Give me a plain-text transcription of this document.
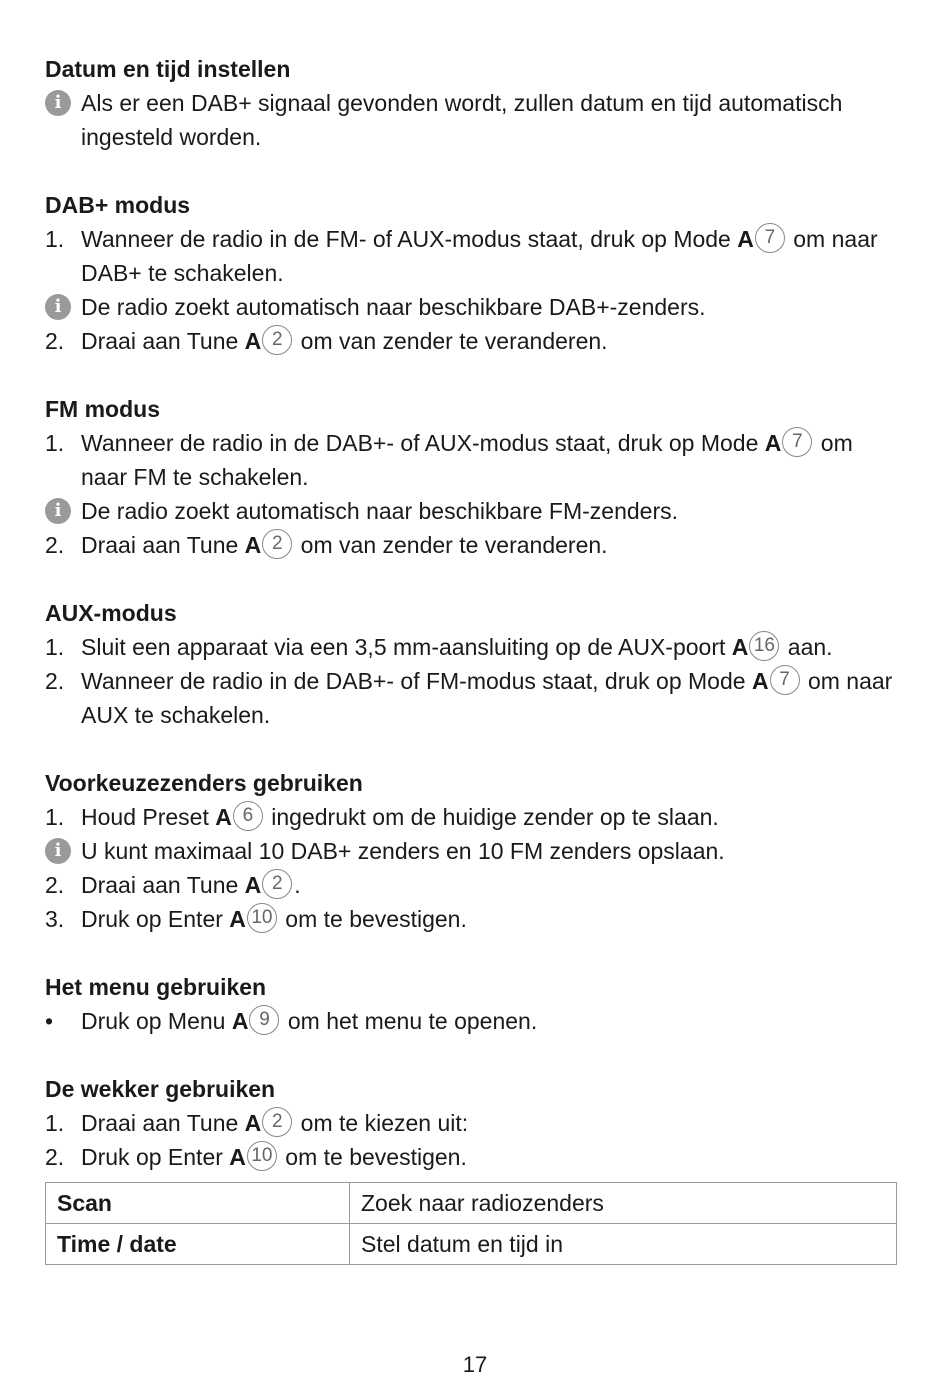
Datum en tijd instellen
i Als er een DAB+ signaal gevonden wordt, zullen datum en tijd automatisch ingesteld worden.
DAB+ modus
1. Wanneer de radio in de FM- of AUX-modus staat, druk op Mode A 7 om naar DAB+ te schakelen.
i De radio zoekt automatisch naar beschikbare DAB+-zenders.
2. Draai aan Tune A 2 om van zender te veranderen.
FM modus
1. Wanneer de radio in de DAB+- of AUX-modus staat, druk op Mode A 7 om naar FM te schakelen.
i De radio zoekt automatisch naar beschikbare FM-zenders.
2. Draai aan Tune A 2 om van zender te veranderen.
AUX-modus
1. Sluit een apparaat via een 3,5 mm-aansluiting op de AUX-poort A 16 aan.
2. Wanneer de radio in de DAB+- of FM-modus staat, druk op Mode A 7 om naar AUX te schakelen.
Voorkeuzezenders gebruiken
1. Houd Preset A 6 ingedrukt om de huidige zender op te slaan.
i U kunt maximaal 10 DAB+ zenders en 10 FM zenders opslaan.
2. Draai aan Tune A 2 .
3. Druk op Enter A 10 om te bevestigen.
Het menu gebruiken
• Druk op Menu A 9 om het menu te openen.
De wekker gebruiken
1. Draai aan Tune A 2 om te kiezen uit:
2. Druk op Enter A 10 om te bevestigen.
Scan	Zoek naar radiozenders
Time / date	Stel datum en tijd in
17
